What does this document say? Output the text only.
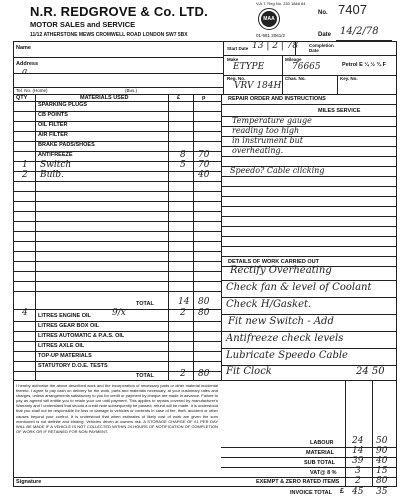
V.A.T. Reg No. 230 1848 64
N.R. REDGROVE & Co. LTD.
MOTOR SALES and SERVICE
11/12 ATHERSTONE MEWS CROMWELL ROAD LONDON SW7 5BX	01-581 2061/2
MAA
No. 7407
Date 14/2/78
Name
Address
a
Tel. No. (Home)	(Bus.)
Start Date 13 | 2 | 78 Completion
Date
Make
ETYPE
Mileage
76665	Petrol E ¼ ½ ¾ F
Reg. No.
VRV 184H
Chas. No.	Key. No.
QTY	MATERIALS USED	£	p
SPARKING PLUGS
CB POINTS
OIL FILTER
AIR FILTER
BRAKE PADS/SHOES
ANTIFREEZE	8 70
1 Switch	5 70
2 Bulb.	40
TOTAL	14 80
4 LITRES ENGINE OIL 9/x	2 80
LITRES GEAR BOX OIL
LITRES AUTOMATIC & P.A.S. OIL
LITRES AXLE OIL
TOP-UP MATERIALS
STATUTORY D.O.E. TESTS
TOTAL	2 80
REPAIR ORDER AND INSTRUCTIONS
MILES SERVICE
Temperature gauge
reading too high
in instrument but
overheating.
Speedo? Cable clicking
DETAILS OF WORK CARRIED OUT
Rectify Overheating
Check fan & level of Coolant
Check H/Gasket.
Fit new Switch - Add
Antifreeze check levels
Lubricate Speedo Cable
Fit Clock	24 50
I hereby authorise the above described work and the incorporation of necessary parts or other material incidental thereto. I agree to pay cash on delivery for the work, parts and materials necessary, at your customary rates and charges, unless arrangements satisfactory to you for credit or payment by cheque are made in advance. Failure to pay as agreed will entitle you to retain your car until payment. This applies to repairs covered by manufacturer's Warranty and I understand that should a credit note subsequently be passed, refund will be made. It is understood that you shall not be responsible for loss or damage to vehicles or contents in case of fire, theft, accident or other causes beyond your control. It is understood that when estimates of likely cost of work are given the sum mentioned is not definite and binding. Vehicles driven at owners risk. A STORAGE CHARGE OF £1 PER DAY WILL BE MADE IF A VEHICLE IS NOT COLLECTED WITHIN 24 HOURS OF NOTIFICATION OF COMPLETION OF WORK OR IF RETAINED FOR NON PAYMENT.
Signature
LABOUR 24 50
MATERIAL 14 90
SUB TOTAL 39 40
VAT@ 8 % 3 15
EXEMPT & ZERO RATED ITEMS 2 80
INVOICE TOTAL £ 45 35
